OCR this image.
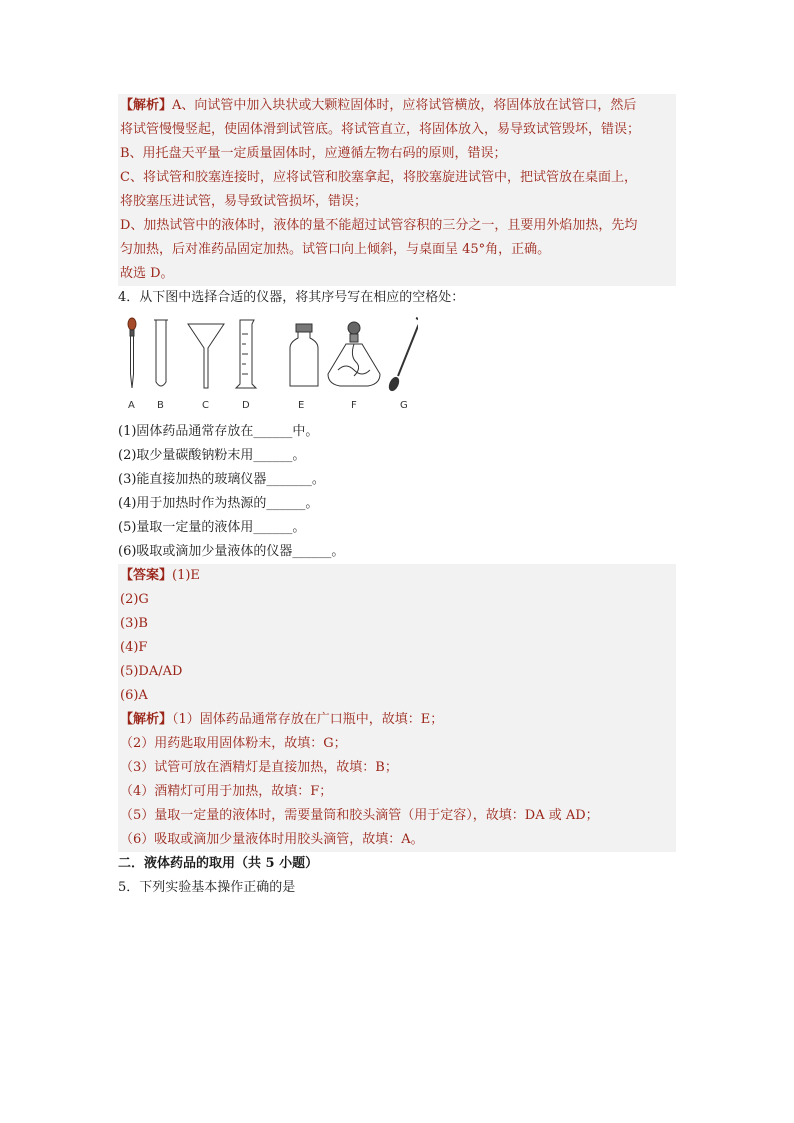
【解析】A、向试管中加入块状或大颗粒固体时，应将试管横放，将固体放在试管口，然后
将试管慢慢竖起，使固体滑到试管底。将试管直立，将固体放入，易导致试管毁坏，错误；
B、用托盘天平量一定质量固体时，应遵循左物右码的原则，错误；
C、将试管和胶塞连接时，应将试管和胶塞拿起，将胶塞旋进试管中，把试管放在桌面上，
将胶塞压进试管，易导致试管损坏，错误；
D、加热试管中的液体时，液体的量不能超过试管容积的三分之一，且要用外焰加热，先均
匀加热，后对准药品固定加热。试管口向上倾斜，与桌面呈 45°角，正确。
故选 D。
4．从下图中选择合适的仪器，将其序号写在相应的空格处：
A B	C	D	E	F	G
(1)固体药品通常存放在______中。
(2)取少量碳酸钠粉末用______。
(3)能直接加热的玻璃仪器_______。
(4)用于加热时作为热源的______。
(5)量取一定量的液体用______。
(6)吸取或滴加少量液体的仪器______。
【答案】(1)E
(2)G
(3)B
(4)F
(5)DA/AD
(6)A
【解析】（1）固体药品通常存放在广口瓶中，故填：E；
（2）用药匙取用固体粉末，故填：G；
（3）试管可放在酒精灯是直接加热，故填：B；
（4）酒精灯可用于加热，故填：F；
（5）量取一定量的液体时，需要量筒和胶头滴管（用于定容），故填：DA 或 AD；
（6）吸取或滴加少量液体时用胶头滴管，故填：A。
二．液体药品的取用（共 5 小题）
5．下列实验基本操作正确的是
